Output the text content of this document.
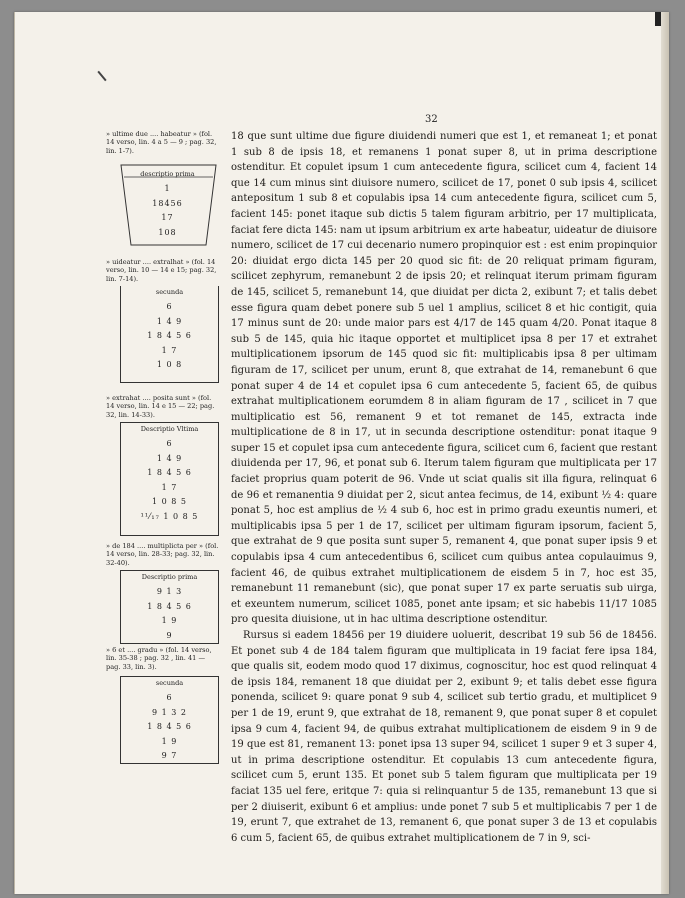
32
» ultime due .... habeatur » (fol. 14 verso, lin. 4 a 5 — 9 ; pag. 32, lin. 1-7).
descriptio prima
1
18456
17
108
» uideatur .... extralhat » (fol. 14 verso, lin. 10 — 14 e 15; pag. 32, lin. 7-14).
secunda
6
1 4 9
1 8 4 5 6
1 7
1 0 8
» extrahat .... posita sunt » (fol. 14 verso, lin. 14 e 15 — 22; pag. 32, lin. 14-33).
Descriptio Vltima
6
1 4 9
1 8 4 5 6
1 7
1 0 8 5
¹¹⁄₁₇ 1 0 8 5
» de 184 .... multiplicta per » (fol. 14 verso, lin. 28-33; pag. 32, lin. 32-40).
Descriptio prima
9 1 3
1 8 4 5 6
1 9
9
» 6 et .... gradu » (fol. 14 verso, lin. 35-38 ; pag. 32 , lin. 41 — pag. 33, lin. 3).
secunda
6
9 1 3 2
1 8 4 5 6
1 9
9 7

18 que sunt ultime due figure diuidendi numeri que est 1, et remaneat 1; et ponat 1 sub 8 de ipsis 18, et remanens 1 ponat super 8, ut in prima descriptione ostenditur. Et copulet ipsum 1 cum antecedente figura, scilicet cum 4, facient 14 que 14 cum minus sint diuisore numero, scilicet de 17, ponet 0 sub ipsis 4, scilicet antepositum 1 sub 8 et copulabis ipsa 14 cum antecedente figura, scilicet cum 5, facient 145: ponet itaque sub dictis 5 talem figuram arbitrio, per 17 multiplicata, faciat fere dicta 145: nam ut ipsum arbitrium ex arte habeatur, uideatur de diuisore numero, scilicet de 17 cui decenario numero propinquior est : est enim propinquior 20: diuidat ergo dicta 145 per 20 quod sic fit: de 20 reliquat primam figuram, scilicet zephyrum, remanebunt 2 de ipsis 20; et relinquat iterum primam figuram de 145, scilicet 5, remanebunt 14, que diuidat per dicta 2, exibunt 7; et talis debet esse figura quam debet ponere sub 5 uel 1 amplius, scilicet 8 et hic contigit, quia 17 minus sunt de 20: unde maior pars est 4/17 de 145 quam 4/20. Ponat itaque 8 sub 5 de 145, quia hic itaque opportet et multiplicet ipsa 8 per 17 et extrahet multiplicationem ipsorum de 145 quod sic fit: multiplicabis ipsa 8 per ultimam figuram de 17, scilicet per unum, erunt 8, que extrahat de 14, remanebunt 6 que ponat super 4 de 14 et copulet ipsa 6 cum antecedente 5, facient 65, de quibus extrahat multiplicationem eorumdem 8 in aliam figuram de 17 , scilicet in 7 que multiplicatio est 56, remanent 9 et tot remanet de 145, extracta inde multiplicatione de 8 in 17, ut in secunda descriptione ostenditur: ponat itaque 9 super 15 et copulet ipsa cum antecedente figura, scilicet cum 6, facient que restant diuidenda per 17, 96, et ponat sub 6. Iterum talem figuram que multiplicata per 17 faciet proprius quam poterit de 96. Vnde ut sciat qualis sit illa figura, relinquat 6 de 96 et remanentia 9 diuidat per 2, sicut antea fecimus, de 14, exibunt ½ 4: quare ponat 5, hoc est amplius de ½ 4 sub 6, hoc est in primo gradu exeuntis numeri, et multiplicabis ipsa 5 per 1 de 17, scilicet per ultimam figuram ipsorum, facient 5, que extrahat de 9 que posita sunt super 5, remanent 4, que ponat super ipsis 9 et copulabis ipsa 4 cum antecedentibus 6, scilicet cum quibus antea copulauimus 9, facient 46, de quibus extrahet multiplicationem de eisdem 5 in 7, hoc est 35, remanebunt 11 remanebunt (sic), que ponat super 17 ex parte seruatis sub uirga, et exeuntem numerum, scilicet 1085, ponet ante ipsam; et sic habebis 11/17 1085 pro quesita diuisione, ut in hac ultima descriptione ostenditur.

Rursus si eadem 18456 per 19 diuidere uoluerit, describat 19 sub 56 de 18456. Et ponet sub 4 de 184 talem figuram que multiplicata in 19 faciat fere ipsa 184, que qualis sit, eodem modo quod 17 diximus, cognoscitur, hoc est quod relinquat 4 de ipsis 184, remanent 18 que diuidat per 2, exibunt 9; et talis debet esse figura ponenda, scilicet 9: quare ponat 9 sub 4, scilicet sub tertio gradu, et multiplicet 9 per 1 de 19, erunt 9, que extrahat de 18, remanent 9, que ponat super 8 et copulet ipsa 9 cum 4, facient 94, de quibus extrahat multiplicationem de eisdem 9 in 9 de 19 que est 81, remanent 13: ponet ipsa 13 super 94, scilicet 1 super 9 et 3 super 4, ut in prima descriptione ostenditur. Et copulabis 13 cum antecedente figura, scilicet cum 5, erunt 135. Et ponet sub 5 talem figuram que multiplicata per 19 faciat 135 uel fere, eritque 7: quia si relinquantur 5 de 135, remanebunt 13 que si per 2 diuiserit, exibunt 6 et amplius: unde ponet 7 sub 5 et multiplicabis 7 per 1 de 19, erunt 7, que extrahet de 13, remanent 6, que ponat super 3 de 13 et copulabis 6 cum 5, facient 65, de quibus extrahet multiplicationem de 7 in 9, sci-
